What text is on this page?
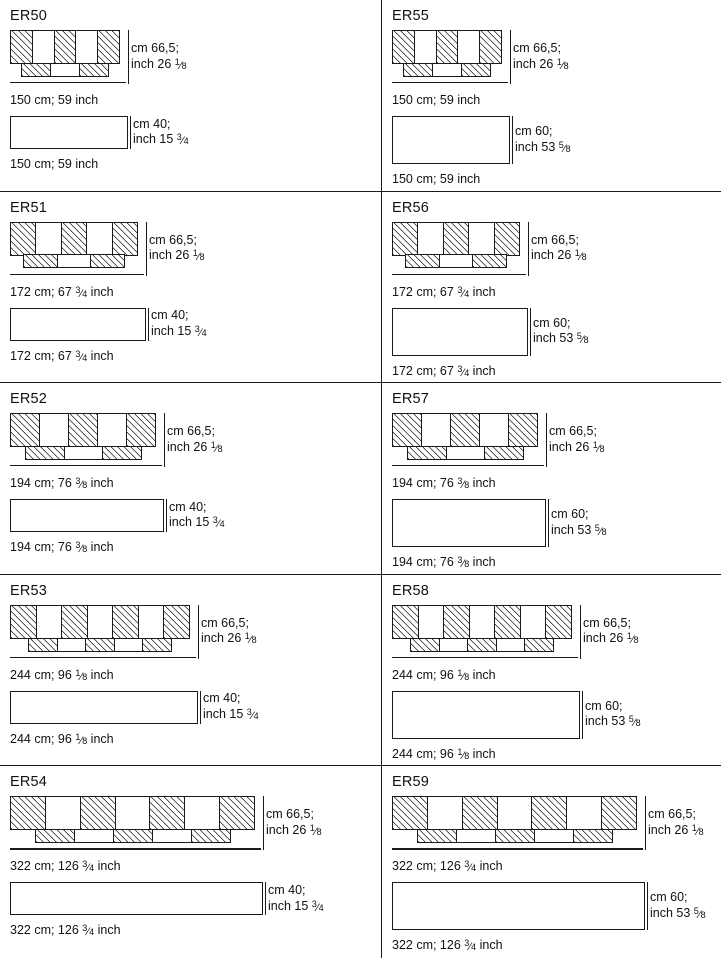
ER50
cm 66,5;
inch 26 $^1$⁄8
150 cm; 59 inch
cm 40;
inch 15 $^3$⁄4
150 cm; 59 inch
ER55
cm 66,5;
inch 26 $^1$⁄8
150 cm; 59 inch
cm 60;
inch 53 $^5$⁄8
150 cm; 59 inch
ER51
cm 66,5;
inch 26 $^1$⁄8
172 cm; 67 $^3$⁄4 inch
cm 40;
inch 15 $^3$⁄4
172 cm; 67 $^3$⁄4 inch
ER56
cm 66,5;
inch 26 $^1$⁄8
172 cm; 67 $^3$⁄4 inch
cm 60;
inch 53 $^5$⁄8
172 cm; 67 $^3$⁄4 inch
ER52
cm 66,5;
inch 26 $^1$⁄8
194 cm; 76 $^3$⁄8 inch
cm 40;
inch 15 $^3$⁄4
194 cm; 76 $^3$⁄8 inch
ER57
cm 66,5;
inch 26 $^1$⁄8
194 cm; 76 $^3$⁄8 inch
cm 60;
inch 53 $^5$⁄8
194 cm; 76 $^3$⁄8 inch
ER53
cm 66,5;
inch 26 $^1$⁄8
244 cm; 96 $^1$⁄8 inch
cm 40;
inch 15 $^3$⁄4
244 cm; 96 $^1$⁄8 inch
ER58
cm 66,5;
inch 26 $^1$⁄8
244 cm; 96 $^1$⁄8 inch
cm 60;
inch 53 $^5$⁄8
244 cm; 96 $^1$⁄8 inch
ER54
cm 66,5;
inch 26 $^1$⁄8
322 cm; 126 $^3$⁄4 inch
cm 40;
inch 15 $^3$⁄4
322 cm; 126 $^3$⁄4 inch
ER59
cm 66,5;
inch 26 $^1$⁄8
322 cm; 126 $^3$⁄4 inch
cm 60;
inch 53 $^5$⁄8
322 cm; 126 $^3$⁄4 inch
